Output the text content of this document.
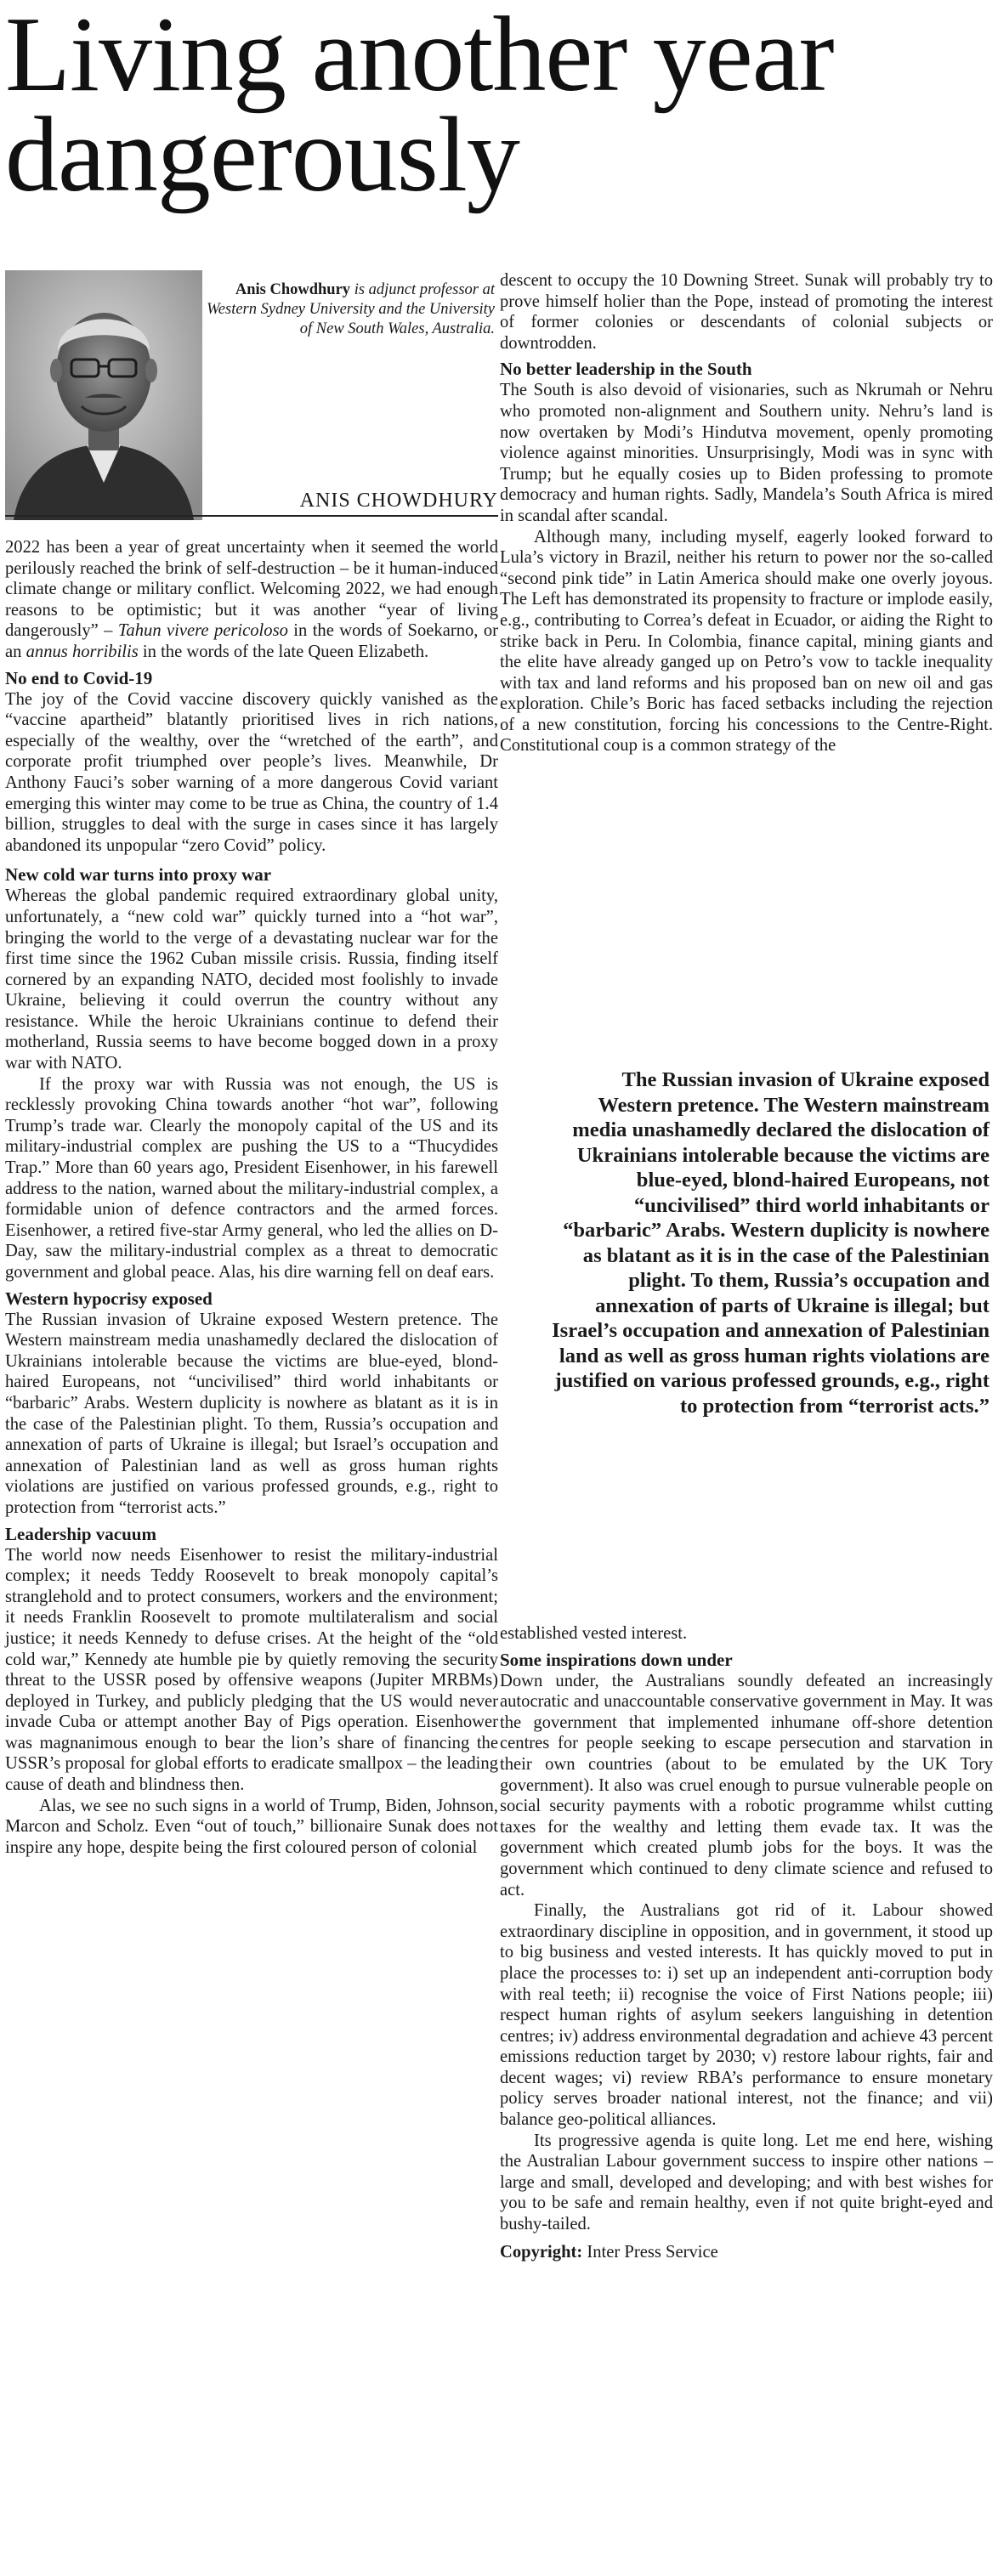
Living another year
dangerously
Anis Chowdhury is adjunct professor at Western Sydney University and the University of New South Wales, Australia.
ANIS CHOWDHURY

2022 has been a year of great uncertainty when it seemed the world perilously reached the brink of self-destruction – be it human-induced climate change or military conflict. Welcoming 2022, we had enough reasons to be optimistic; but it was another “year of living dangerously” – Tahun vivere pericoloso in the words of Soekarno, or an annus horribilis in the words of the late Queen Elizabeth.

No end to Covid-19

The joy of the Covid vaccine discovery quickly vanished as the “vaccine apartheid” blatantly prioritised lives in rich nations, especially of the wealthy, over the “wretched of the earth”, and corporate profit triumphed over people’s lives. Meanwhile, Dr Anthony Fauci’s sober warning of a more dangerous Covid variant emerging this winter may come to be true as China, the country of 1.4 billion, struggles to deal with the surge in cases since it has largely abandoned its unpopular “zero Covid” policy.

New cold war turns into proxy war

Whereas the global pandemic required extraordinary global unity, unfortunately, a “new cold war” quickly turned into a “hot war”, bringing the world to the verge of a devastating nuclear war for the first time since the 1962 Cuban missile crisis. Russia, finding itself cornered by an expanding NATO, decided most foolishly to invade Ukraine, believing it could overrun the country without any resistance. While the heroic Ukrainians continue to defend their motherland, Russia seems to have become bogged down in a proxy war with NATO.

If the proxy war with Russia was not enough, the US is recklessly provoking China towards another “hot war”, following Trump’s trade war. Clearly the monopoly capital of the US and its military-industrial complex are pushing the US to a “Thucydides Trap.” More than 60 years ago, President Eisenhower, in his farewell address to the nation, warned about the military-industrial complex, a formidable union of defence contractors and the armed forces. Eisenhower, a retired five-star Army general, who led the allies on D-Day, saw the military-industrial complex as a threat to democratic government and global peace. Alas, his dire warning fell on deaf ears.

Western hypocrisy exposed

The Russian invasion of Ukraine exposed Western pretence. The Western mainstream media unashamedly declared the dislocation of Ukrainians intolerable because the victims are blue-eyed, blond-haired Europeans, not “uncivilised” third world inhabitants or “barbaric” Arabs. Western duplicity is nowhere as blatant as it is in the case of the Palestinian plight. To them, Russia’s occupation and annexation of parts of Ukraine is illegal; but Israel’s occupation and annexation of Palestinian land as well as gross human rights violations are justified on various professed grounds, e.g., right to protection from “terrorist acts.”

Leadership vacuum

The world now needs Eisenhower to resist the military-industrial complex; it needs Teddy Roosevelt to break monopoly capital’s stranglehold and to protect consumers, workers and the environment; it needs Franklin Roosevelt to promote multilateralism and social justice; it needs Kennedy to defuse crises. At the height of the “old cold war,” Kennedy ate humble pie by quietly removing the security threat to the USSR posed by offensive weapons (Jupiter MRBMs) deployed in Turkey, and publicly pledging that the US would never invade Cuba or attempt another Bay of Pigs operation. Eisenhower was magnanimous enough to bear the lion’s share of financing the USSR’s proposal for global efforts to eradicate smallpox – the leading cause of death and blindness then.

Alas, we see no such signs in a world of Trump, Biden, Johnson, Marcon and Scholz. Even “out of touch,” billionaire Sunak does not inspire any hope, despite being the first coloured person of colonial

descent to occupy the 10 Downing Street. Sunak will probably try to prove himself holier than the Pope, instead of promoting the interest of former colonies or descendants of colonial subjects or downtrodden.

No better leadership in the South

The South is also devoid of visionaries, such as Nkrumah or Nehru who promoted non-alignment and Southern unity. Nehru’s land is now overtaken by Modi’s Hindutva movement, openly promoting violence against minorities. Unsurprisingly, Modi was in sync with Trump; but he equally cosies up to Biden professing to promote democracy and human rights. Sadly, Mandela’s South Africa is mired in scandal after scandal.

Although many, including myself, eagerly looked forward to Lula’s victory in Brazil, neither his return to power nor the so-called “second pink tide” in Latin America should make one overly joyous. The Left has demonstrated its propensity to fracture or implode easily, e.g., contributing to Correa’s defeat in Ecuador, or aiding the Right to strike back in Peru. In Colombia, finance capital, mining giants and the elite have already ganged up on Petro’s vow to tackle inequality with tax and land reforms and his proposed ban on new oil and gas exploration. Chile’s Boric has faced setbacks including the rejection of a new constitution, forcing his concessions to the Centre-Right. Constitutional coup is a common strategy of the

The Russian invasion of Ukraine exposed Western pretence. The Western mainstream media unashamedly declared the dislocation of Ukrainians intolerable because the victims are blue-eyed, blond-haired Europeans, not “uncivilised” third world inhabitants or “barbaric” Arabs. Western duplicity is nowhere as blatant as it is in the case of the Palestinian plight. To them, Russia’s occupation and annexation of parts of Ukraine is illegal; but Israel’s occupation and annexation of Palestinian land as well as gross human rights violations are justified on various professed grounds, e.g., right to protection from “terrorist acts.”

established vested interest.

Some inspirations down under

Down under, the Australians soundly defeated an increasingly autocratic and unaccountable conservative government in May. It was the government that implemented inhumane off-shore detention centres for people seeking to escape persecution and starvation in their own countries (about to be emulated by the UK Tory government). It also was cruel enough to pursue vulnerable people on social security payments with a robotic programme whilst cutting taxes for the wealthy and letting them evade tax. It was the government which created plumb jobs for the boys. It was the government which continued to deny climate science and refused to act.

Finally, the Australians got rid of it. Labour showed extraordinary discipline in opposition, and in government, it stood up to big business and vested interests. It has quickly moved to put in place the processes to: i) set up an independent anti-corruption body with real teeth; ii) recognise the voice of First Nations people; iii) respect human rights of asylum seekers languishing in detention centres; iv) address environmental degradation and achieve 43 percent emissions reduction target by 2030; v) restore labour rights, fair and decent wages; vi) review RBA’s performance to ensure monetary policy serves broader national interest, not the finance; and vii) balance geo-political alliances.

Its progressive agenda is quite long. Let me end here, wishing the Australian Labour government success to inspire other nations – large and small, developed and developing; and with best wishes for you to be safe and remain healthy, even if not quite bright-eyed and bushy-tailed.

Copyright: Inter Press Service
